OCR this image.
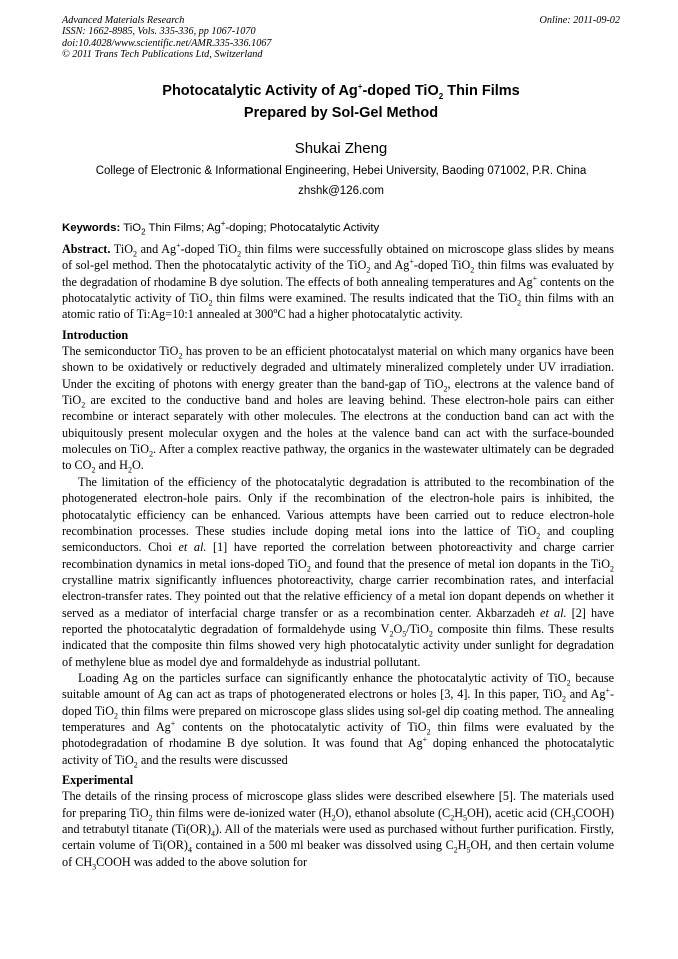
Advanced Materials Research
ISSN: 1662-8985, Vols. 335-336, pp 1067-1070
doi:10.4028/www.scientific.net/AMR.335-336.1067
© 2011 Trans Tech Publications Ltd, Switzerland
Online: 2011-09-02
Photocatalytic Activity of Ag+-doped TiO$_2$ Thin Films
Prepared by Sol-Gel Method
Shukai Zheng
College of Electronic & Informational Engineering, Hebei University, Baoding 071002, P.R. China
zhshk@126.com
Keywords: TiO$_2$ Thin Films; Ag+-doping; Photocatalytic Activity

Abstract. TiO$_2$ and Ag+-doped TiO$_2$ thin films were successfully obtained on microscope glass slides by means of sol-gel method. Then the photocatalytic activity of the TiO$_2$ and Ag+-doped TiO$_2$ thin films was evaluated by the degradation of rhodamine B dye solution. The effects of both annealing temperatures and Ag+ contents on the photocatalytic activity of TiO$_2$ thin films were examined. The results indicated that the TiO$_2$ thin films with an atomic ratio of Ti:Ag=10:1 annealed at 300$^o$C had a higher photocatalytic activity.

Introduction

The semiconductor TiO$_2$ has proven to be an efficient photocatalyst material on which many organics have been shown to be oxidatively or reductively degraded and ultimately mineralized completely under UV irradiation. Under the exciting of photons with energy greater than the band-gap of TiO$_2$, electrons at the valence band of TiO$_2$ are excited to the conductive band and holes are leaving behind. These electron-hole pairs can either recombine or interact separately with other molecules. The electrons at the conduction band can act with the ubiquitously present molecular oxygen and the holes at the valence band can act with the surface-bounded molecules on TiO$_2$. After a complex reactive pathway, the organics in the wastewater ultimately can be degraded to $CO_2$ and $H_2O$.

The limitation of the efficiency of the photocatalytic degradation is attributed to the recombination of the photogenerated electron-hole pairs. Only if the recombination of the electron-hole pairs is inhibited, the photocatalytic efficiency can be enhanced. Various attempts have been carried out to reduce electron-hole recombination processes. These studies include doping metal ions into the lattice of TiO$_2$ and coupling semiconductors. Choi et al. [1] have reported the correlation between photoreactivity and charge carrier recombination dynamics in metal ions-doped TiO$_2$ and found that the presence of metal ion dopants in the TiO$_2$ crystalline matrix significantly influences photoreactivity, charge carrier recombination rates, and interfacial electron-transfer rates. They pointed out that the relative efficiency of a metal ion dopant depends on whether it served as a mediator of interfacial charge transfer or as a recombination center. Akbarzadeh et al. [2] have reported the photocatalytic degradation of formaldehyde using $V_2O_5/TiO_2$ composite thin films. These results indicated that the composite thin films showed very high photocatalytic activity under sunlight for degradation of methylene blue as model dye and formaldehyde as industrial pollutant.

Loading Ag on the particles surface can significantly enhance the photocatalytic activity of TiO$_2$ because suitable amount of Ag can act as traps of photogenerated electrons or holes [3, 4]. In this paper, TiO$_2$ and Ag+-doped TiO$_2$ thin films were prepared on microscope glass slides using sol-gel dip coating method. The annealing temperatures and Ag+ contents on the photocatalytic activity of TiO$_2$ thin films were evaluated by the photodegradation of rhodamine B dye solution. It was found that Ag+ doping enhanced the photocatalytic activity of TiO$_2$ and the results were discussed

Experimental

The details of the rinsing process of microscope glass slides were described elsewhere [5]. The materials used for preparing TiO$_2$ thin films were de-ionized water $(H_2O)$, ethanol absolute $(C_2H_5OH)$, acetic acid $(CH_3COOH)$ and tetrabutyl titanate $(Ti(OR)_4)$. All of the materials were used as purchased without further purification. Firstly, certain volume of $Ti(OR)_4$ contained in a 500 ml beaker was dissolved using $C_2H_5OH$, and then certain volume of $CH_3COOH$ was added to the above solution for
